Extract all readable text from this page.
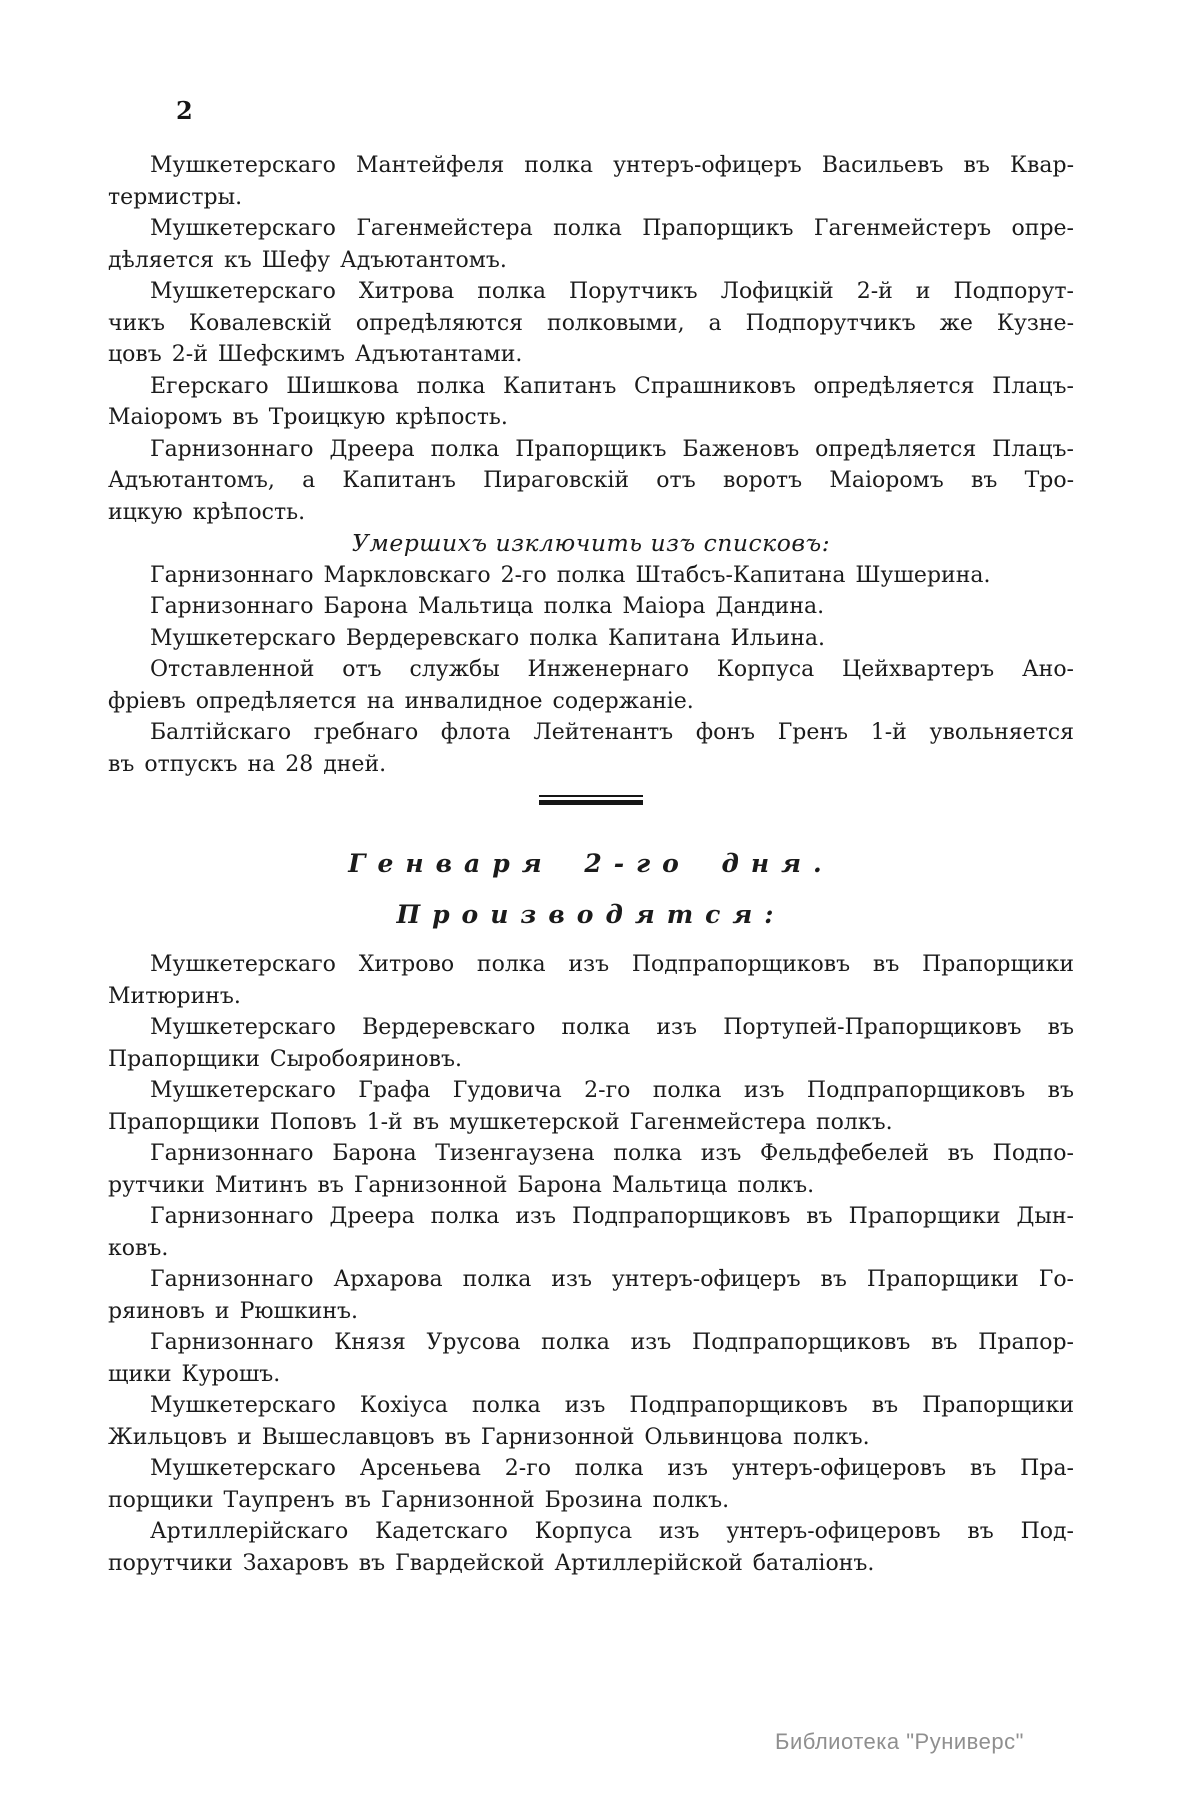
2
Мушкетерскаго Мантейфеля полка унтеръ-офицеръ Васильевъ въ Квар-
термистры.
Мушкетерскаго Гагенмейстера полка Прапорщикъ Гагенмейстеръ опре-
дѣляется къ Шефу Адъютантомъ.
Мушкетерскаго Хитрова полка Порутчикъ Лофицкій 2-й и Подпорут-
чикъ Ковалевскій опредѣляются полковыми, а Подпорутчикъ же Кузне-
цовъ 2-й Шефскимъ Адъютантами.
Егерскаго Шишкова полка Капитанъ Спрашниковъ опредѣляется Плацъ-
Маіоромъ въ Троицкую крѣпость.
Гарнизоннаго Дреера полка Прапорщикъ Баженовъ опредѣляется Плацъ-
Адъютантомъ, а Капитанъ Пираговскій отъ воротъ Маіоромъ въ Тро-
ицкую крѣпость.
Умершихъ изключить изъ списковъ:
Гарнизоннаго Маркловскаго 2-го полка Штабсъ-Капитана Шушерина.
Гарнизоннаго Барона Мальтица полка Маіора Дандина.
Мушкетерскаго Вердеревскаго полка Капитана Ильина.
Отставленной отъ службы Инженернаго Корпуса Цейхвартеръ Ано-
фріевъ опредѣляется на инвалидное содержаніе.
Балтійскаго гребнаго флота Лейтенантъ фонъ Гренъ 1-й увольняется
въ отпускъ на 28 дней.
Генваря 2-го дня.
Производятся:
Мушкетерскаго Хитрово полка изъ Подпрапорщиковъ въ Прапорщики
Митюринъ.
Мушкетерскаго Вердеревскаго полка изъ Портупей-Прапорщиковъ въ
Прапорщики Сыробояриновъ.
Мушкетерскаго Графа Гудовича 2-го полка изъ Подпрапорщиковъ въ
Прапорщики Поповъ 1-й въ мушкетерской Гагенмейстера полкъ.
Гарнизоннаго Барона Тизенгаузена полка изъ Фельдфебелей въ Подпо-
рутчики Митинъ въ Гарнизонной Барона Мальтица полкъ.
Гарнизоннаго Дреера полка изъ Подпрапорщиковъ въ Прапорщики Дын-
ковъ.
Гарнизоннаго Архарова полка изъ унтеръ-офицеръ въ Прапорщики Го-
ряиновъ и Рюшкинъ.
Гарнизоннаго Князя Урусова полка изъ Подпрапорщиковъ въ Прапор-
щики Курошъ.
Мушкетерскаго Кохіуса полка изъ Подпрапорщиковъ въ Прапорщики
Жильцовъ и Вышеславцовъ въ Гарнизонной Ольвинцова полкъ.
Мушкетерскаго Арсеньева 2-го полка изъ унтеръ-офицеровъ въ Пра-
порщики Таупренъ въ Гарнизонной Брозина полкъ.
Артиллерійскаго Кадетскаго Корпуса изъ унтеръ-офицеровъ въ Под-
порутчики Захаровъ въ Гвардейской Артиллерійской баталіонъ.
Библиотека "Руниверс"
